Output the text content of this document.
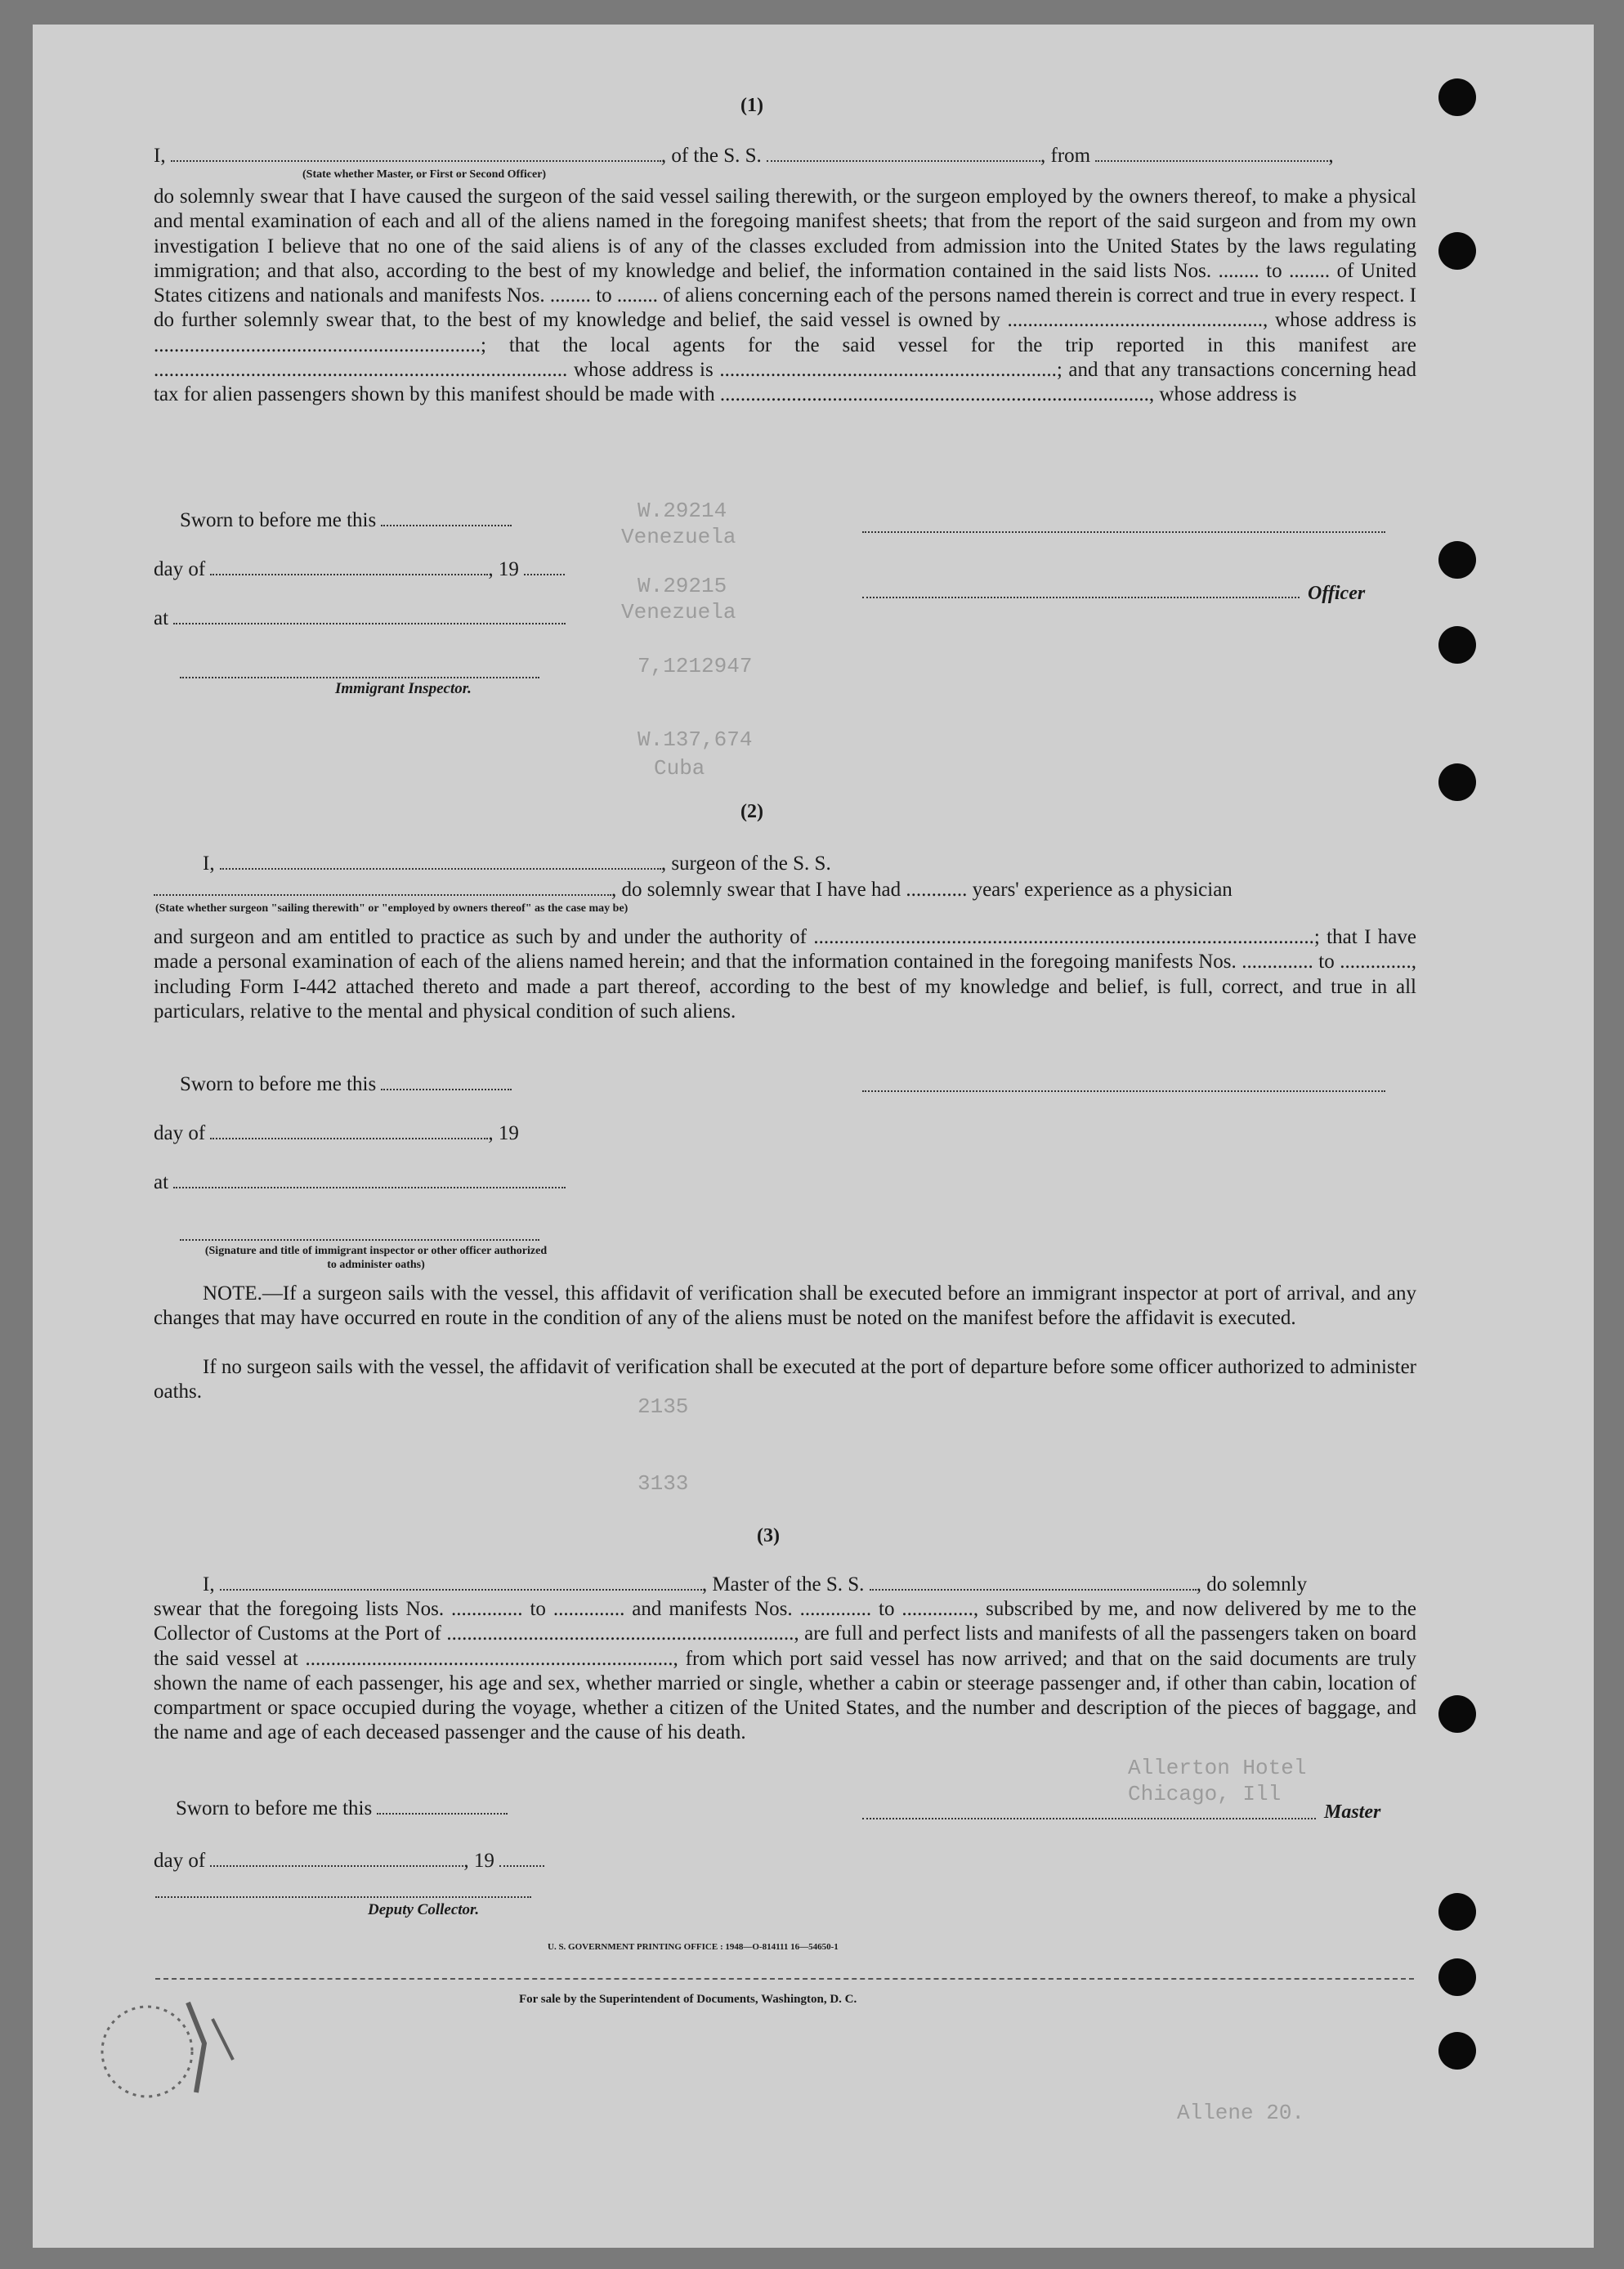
W.29214
Venezuela
W.29215
Venezuela
7,1212947
W.137,674
Cuba
2135
3133
Allerton Hotel
Chicago, Ill
Allene 20.
(1)
I,	, of the S. S.	, from	,
(State whether Master, or First or Second Officer)
do solemnly swear that I have caused the surgeon of the said vessel sailing therewith, or the surgeon employed by the owners thereof, to make a physical and mental examination of each and all of the aliens named in the foregoing manifest sheets; that from the report of the said surgeon and from my own investigation I believe that no one of the said aliens is of any of the classes excluded from admission into the United States by the laws regulating immigration; and that also, according to the best of my knowledge and belief, the information contained in the said lists Nos. ........ to ........ of United States citizens and nationals and manifests Nos. ........ to ........ of aliens concerning each of the persons named therein is correct and true in every respect. I do further solemnly swear that, to the best of my knowledge and belief, the said vessel is owned by .................................................., whose address is ................................................................; that the local agents for the said vessel for the trip reported in this manifest are ................................................................................. whose address is ..................................................................; and that any transactions concerning head tax for alien passengers shown by this manifest should be made with ...................................................................................., whose address is
Sworn to before me this
day of	, 19
Officer
at
Immigrant Inspector.
(2)
I,	, surgeon of the S. S.
, do solemnly swear that I have had ............ years' experience as a physician
(State whether surgeon "sailing therewith" or "employed by owners thereof" as the case may be)
and surgeon and am entitled to practice as such by and under the authority of ..................................................................................................; that I have made a personal examination of each of the aliens named herein; and that the information contained in the foregoing manifests Nos. .............. to .............., including Form I-442 attached thereto and made a part thereof, according to the best of my knowledge and belief, is full, correct, and true in all particulars, relative to the mental and physical condition of such aliens.
Sworn to before me this
day of	, 19
at
(Signature and title of immigrant inspector or other officer authorized to administer oaths)
NOTE.—If a surgeon sails with the vessel, this affidavit of verification shall be executed before an immigrant inspector at port of arrival, and any changes that may have occurred en route in the condition of any of the aliens must be noted on the manifest before the affidavit is executed.
If no surgeon sails with the vessel, the affidavit of verification shall be executed at the port of departure before some officer authorized to administer oaths.
(3)
I,	, Master of the S. S.	, do solemnly
swear that the foregoing lists Nos. .............. to .............. and manifests Nos. .............. to .............., subscribed by me, and now delivered by me to the Collector of Customs at the Port of ...................................................................., are full and perfect lists and manifests of all the passengers taken on board the said vessel at ........................................................................, from which port said vessel has now arrived; and that on the said documents are truly shown the name of each passenger, his age and sex, whether married or single, whether a cabin or steerage passenger and, if other than cabin, location of compartment or space occupied during the voyage, whether a citizen of the United States, and the number and description of the pieces of baggage, and the name and age of each deceased passenger and the cause of his death.
Sworn to before me this	Master
day of	, 19
Deputy Collector.
U. S. GOVERNMENT PRINTING OFFICE : 1948—O-814111 16—54650-1
For sale by the Superintendent of Documents, Washington, D. C.
